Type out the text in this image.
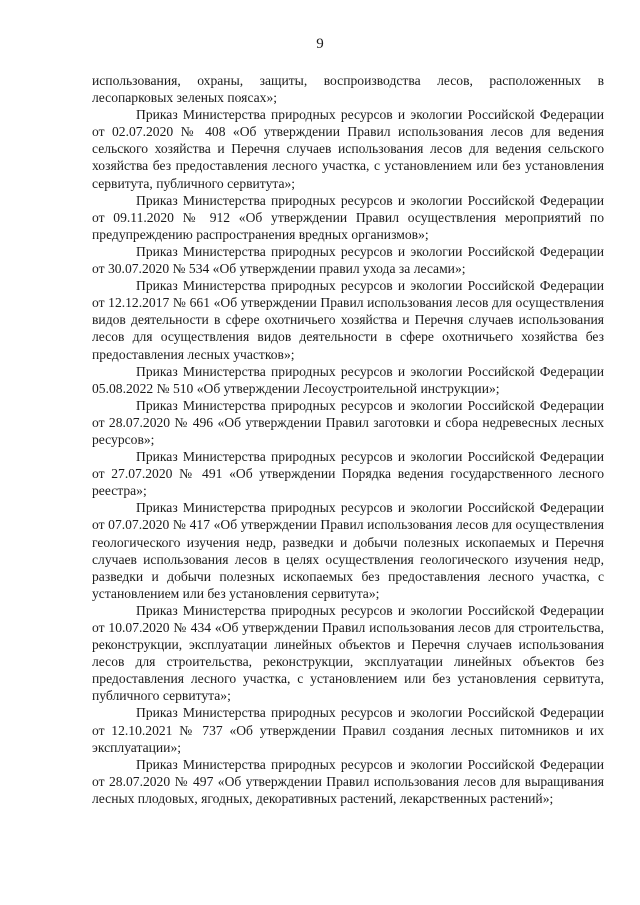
9

использования, охраны, защиты, воспроизводства лесов, расположенных в лесопарковых зеленых поясах»;

Приказ Министерства природных ресурсов и экологии Российской Федерации от 02.07.2020 № 408 «Об утверждении Правил использования лесов для ведения сельского хозяйства и Перечня случаев использования лесов для ведения сельского хозяйства без предоставления лесного участка, с установлением или без установления сервитута, публичного сервитута»;

Приказ Министерства природных ресурсов и экологии Российской Федерации от 09.11.2020 № 912 «Об утверждении Правил осуществления мероприятий по предупреждению распространения вредных организмов»;

Приказ Министерства природных ресурсов и экологии Российской Федерации от 30.07.2020 № 534 «Об утверждении правил ухода за лесами»;

Приказ Министерства природных ресурсов и экологии Российской Федерации от 12.12.2017 № 661 «Об утверждении Правил использования лесов для осуществления видов деятельности в сфере охотничьего хозяйства и Перечня случаев использования лесов для осуществления видов деятельности в сфере охотничьего хозяйства без предоставления лесных участков»;

Приказ Министерства природных ресурсов и экологии Российской Федерации 05.08.2022 № 510 «Об утверждении Лесоустроительной инструкции»;

Приказ Министерства природных ресурсов и экологии Российской Федерации от 28.07.2020 № 496 «Об утверждении Правил заготовки и сбора недревесных лесных ресурсов»;

Приказ Министерства природных ресурсов и экологии Российской Федерации от 27.07.2020 № 491 «Об утверждении Порядка ведения государственного лесного реестра»;

Приказ Министерства природных ресурсов и экологии Российской Федерации от 07.07.2020 № 417 «Об утверждении Правил использования лесов для осуществления геологического изучения недр, разведки и добычи полезных ископаемых и Перечня случаев использования лесов в целях осуществления геологического изучения недр, разведки и добычи полезных ископаемых без предоставления лесного участка, с установлением или без установления сервитута»;

Приказ Министерства природных ресурсов и экологии Российской Федерации от 10.07.2020 № 434 «Об утверждении Правил использования лесов для строительства, реконструкции, эксплуатации линейных объектов и Перечня случаев использования лесов для строительства, реконструкции, эксплуатации линейных объектов без предоставления лесного участка, с установлением или без установления сервитута, публичного сервитута»;

Приказ Министерства природных ресурсов и экологии Российской Федерации от 12.10.2021 № 737 «Об утверждении Правил создания лесных питомников и их эксплуатации»;

Приказ Министерства природных ресурсов и экологии Российской Федерации от 28.07.2020 № 497 «Об утверждении Правил использования лесов для выращивания лесных плодовых, ягодных, декоративных растений, лекарственных растений»;
